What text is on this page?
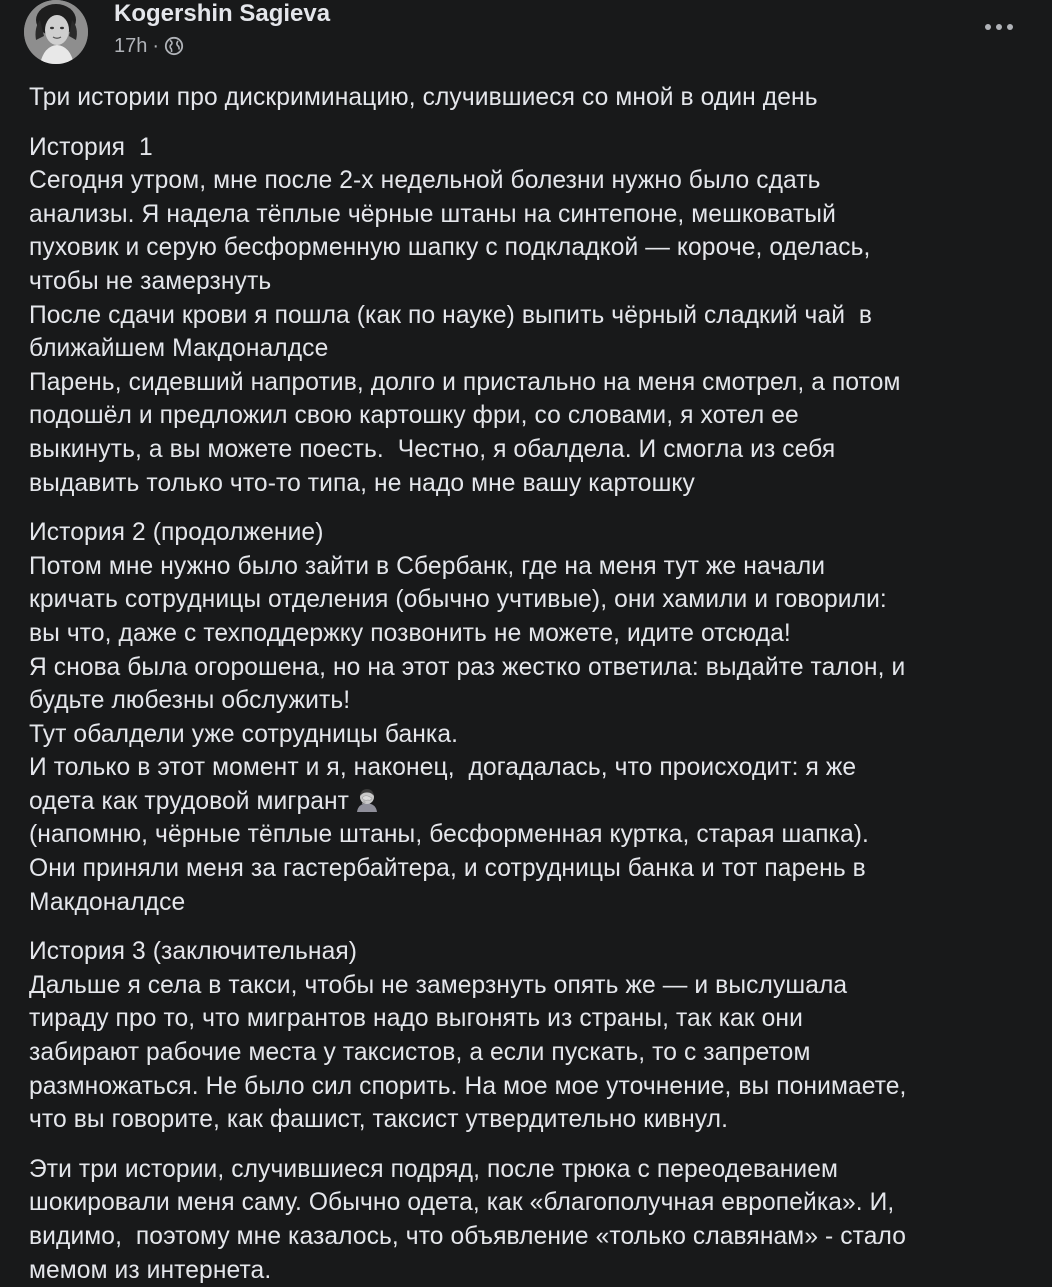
Kogershin Sagieva
17h ·

Три истории про дискриминацию, случившиеся со мной в один день

История  1

Сегодня утром, мне после 2-х недельной болезни нужно было сдать

анализы. Я надела тёплые чёрные штаны на синтепоне, мешковатый

пуховик и серую бесформенную шапку с подкладкой — короче, оделась,

чтобы не замерзнуть

После сдачи крови я пошла (как по науке) выпить чёрный сладкий чай  в

ближайшем Макдоналдсе

Парень, сидевший напротив, долго и пристально на меня смотрел, а потом

подошёл и предложил свою картошку фри, со словами, я хотел ее

выкинуть, а вы можете поесть.  Честно, я обалдела. И смогла из себя

выдавить только что-то типа, не надо мне вашу картошку

История 2 (продолжение)

Потом мне нужно было зайти в Сбербанк, где на меня тут же начали

кричать сотрудницы отделения (обычно учтивые), они хамили и говорили:

вы что, даже с техподдержку позвонить не можете, идите отсюда!

Я снова была огорошена, но на этот раз жестко ответила: выдайте талон, и

будьте любезны обслужить!

Тут обалдели уже сотрудницы банка.

И только в этот момент и я, наконец,  догадалась, что происходит: я же

одета как трудовой мигрант

(напомню, чёрные тёплые штаны, бесформенная куртка, старая шапка).

Они приняли меня за гастербайтера, и сотрудницы банка и тот парень в

Макдоналдсе

История 3 (заключительная)

Дальше я села в такси, чтобы не замерзнуть опять же — и выслушала

тираду про то, что мигрантов надо выгонять из страны, так как они

забирают рабочие места у таксистов, а если пускать, то с запретом

размножаться. Не было сил спорить. На мое мое уточнение, вы понимаете,

что вы говорите, как фашист, таксист утвердительно кивнул.

Эти три истории, случившиеся подряд, после трюка с переодеванием

шокировали меня саму. Обычно одета, как «благополучная европейка». И,

видимо,  поэтому мне казалось, что объявление «только славянам» - стало

мемом из интернета.
